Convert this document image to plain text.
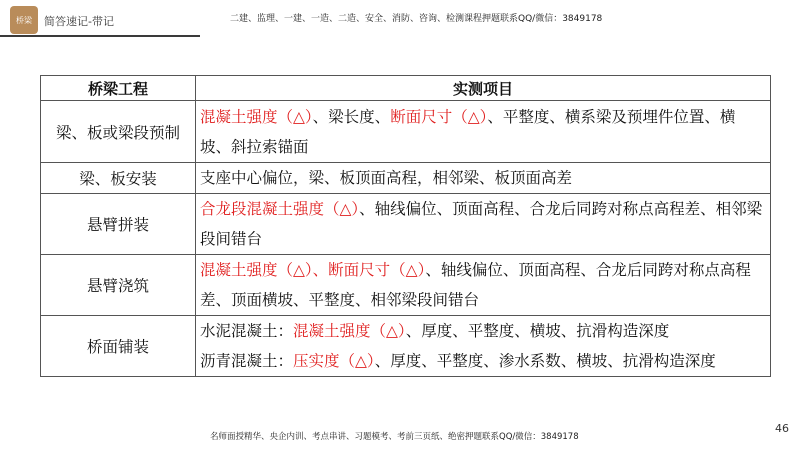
桥梁 简答速记-带记	二建、监理、一建、一造、二造、安全、消防、咨询、检测课程押题联系QQ/微信：3849178
桥梁工程	实测项目
梁、板或梁段预制	混凝土强度（△）、梁长度、断面尺寸（△）、平整度、横系梁及预埋件位置、横坡、斜拉索锚面
梁、板安装	支座中心偏位，梁、板顶面高程，相邻梁、板顶面高差
悬臂拼装	合龙段混凝土强度（△）、轴线偏位、顶面高程、合龙后同跨对称点高程差、相邻梁段间错台
悬臂浇筑	混凝土强度（△）、断面尺寸（△）、轴线偏位、顶面高程、合龙后同跨对称点高程差、顶面横坡、平整度、相邻梁段间错台
桥面铺装	水泥混凝土：混凝土强度（△）、厚度、平整度、横坡、抗滑构造深度
沥青混凝土：压实度（△）、厚度、平整度、渗水系数、横坡、抗滑构造深度
名师面授精华、央企内训、考点串讲、习题模考、考前三页纸、绝密押题联系QQ/微信：3849178
46
